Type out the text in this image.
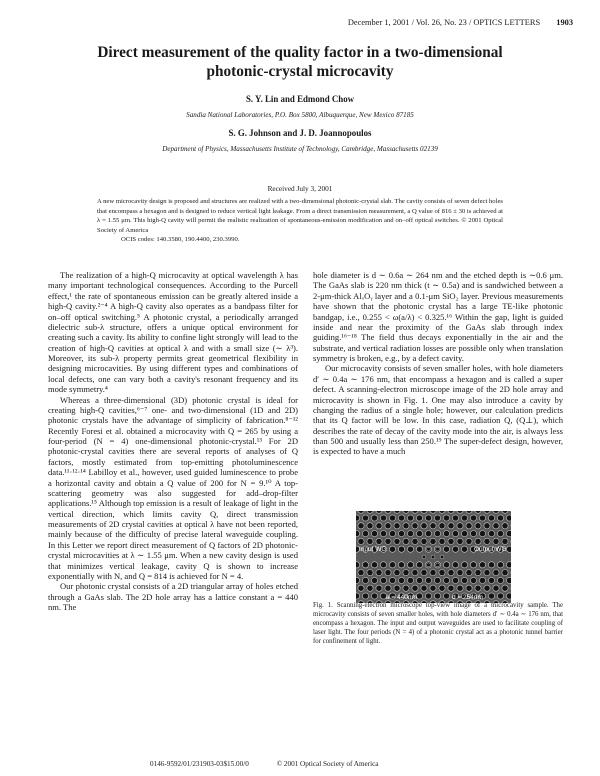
December 1, 2001 / Vol. 26, No. 23 / OPTICS LETTERS 1903
Direct measurement of the quality factor in a two-dimensional
photonic-crystal microcavity
S. Y. Lin and Edmond Chow
Sandia National Laboratories, P.O. Box 5800, Albuquerque, New Mexico 87185
S. G. Johnson and J. D. Joannopoulos
Department of Physics, Massachusetts Institute of Technology, Cambridge, Massachusetts 02139
Received July 3, 2001

A new microcavity design is proposed and structures are realized with a two-dimensional photonic-crystal slab. The cavity consists of seven defect holes that encompass a hexagon and is designed to reduce vertical light leakage. From a direct transmission measurement, a Q value of 816 ± 30 is achieved at λ = 1.55 μm. This high-Q cavity will permit the realistic realization of spontaneous-emission modification and on–off optical switches. © 2001 Optical Society of America

OCIS codes: 140.3580, 190.4400, 230.3990.

The realization of a high-Q microcavity at optical wavelength λ has many important technological consequences. According to the Purcell effect,¹ the rate of spontaneous emission can be greatly altered inside a high-Q cavity.²⁻⁴ A high-Q cavity also operates as a bandpass filter for on–off optical switching.⁵ A photonic crystal, a periodically arranged dielectric sub-λ structure, offers a unique optical environment for creating such a cavity. Its ability to confine light strongly will lead to the creation of high-Q cavities at optical λ and with a small size (∼ λ³). Moreover, its sub-λ property permits great geometrical flexibility in designing microcavities. By using different types and combinations of local defects, one can vary both a cavity's resonant frequency and its mode symmetry.⁴

Whereas a three-dimensional (3D) photonic crystal is ideal for creating high-Q cavities,⁶⁻⁷ one- and two-dimensional (1D and 2D) photonic crystals have the advantage of simplicity of fabrication.⁸⁻¹² Recently Foresi et al. obtained a microcavity with Q = 265 by using a four-period (N = 4) one-dimensional photonic-crystal.¹³ For 2D photonic-crystal cavities there are several reports of analyses of Q factors, mostly estimated from top-emitting photoluminescence data.¹¹·¹²·¹⁴ Labilloy et al., however, used guided luminescence to probe a horizontal cavity and obtain a Q value of 200 for N = 9.¹⁰ A top-scattering geometry was also suggested for add–drop-filter applications.¹⁵ Although top emission is a result of leakage of light in the vertical direction, which limits cavity Q, direct transmission measurements of 2D crystal cavities at optical λ have not been reported, mainly because of the difficulty of precise lateral waveguide coupling. In this Letter we report direct measurement of Q factors of 2D photonic-crystal microcavities at λ ∼ 1.55 μm. When a new cavity design is used that minimizes vertical leakage, cavity Q is shown to increase exponentially with N, and Q = 814 is achieved for N = 4.

Our photonic crystal consists of a 2D triangular array of holes etched through a GaAs slab. The 2D hole array has a lattice constant a = 440 nm. The

hole diameter is d ∼ 0.6a ∼ 264 nm and the etched depth is ∼0.6 μm. The GaAs slab is 220 nm thick (t ∼ 0.5a) and is sandwiched between a 2-μm-thick AlₓOᵧ layer and a 0.1-μm SiO₂ layer. Previous measurements have shown that the photonic crystal has a large TE-like photonic bandgap, i.e., 0.255 < ω(a/λ) < 0.325.¹⁶ Within the gap, light is guided inside and near the proximity of the GaAs slab through index guiding.¹⁶⁻¹⁸ The field thus decays exponentially in the air and the substrate, and vertical radiation losses are possible only when translation symmetry is broken, e.g., by a defect cavity.

Our microcavity consists of seven smaller holes, with hole diameters d′ ∼ 0.4a ∼ 176 nm, that encompass a hexagon and is called a super defect. A scanning-electron microscope image of the 2D hole array and microcavity is shown in Fig. 1. One may also introduce a cavity by changing the radius of a single hole; however, our calculation predicts that its Q factor will be low. In this case, radiation Q, (Q⊥), which describes the rate of decay of the cavity mode into the air, is always less than 500 and usually less than 250.¹⁹ The super-defect design, however, is expected to have a much

Input WG	Output WG
a = 440nm	d = 254nm
Fig. 1. Scanning-electron microscope top-view image of a microcavity sample. The microcavity consists of seven smaller holes, with hole diameters d′ ∼ 0.4a ∼ 176 nm, that encompass a hexagon. The input and output waveguides are used to facilitate coupling of laser light. The four periods (N = 4) of a photonic crystal act as a photonic tunnel barrier for confinement of light.
0146-9592/01/231903-03$15.00/0	© 2001 Optical Society of America
